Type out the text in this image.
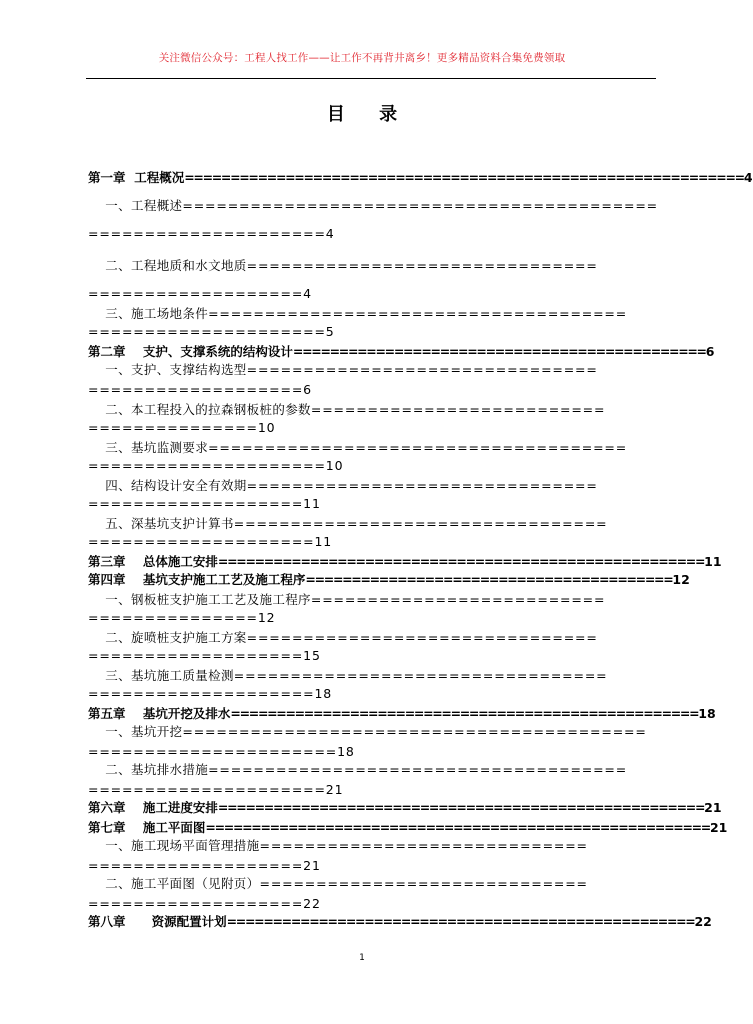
关注微信公众号：工程人找工作——让工作不再背井离乡！更多精品资料合集免费领取
目 录
第一章  工程概况=============================================================4
一、工程概述==========================================
=====================4
二、工程地质和水文地质===============================
===================4
三、施工场地条件=====================================
=====================5
第二章    支护、支撑系统的结构设计=============================================6
一、支护、支撑结构选型===============================
===================6
二、本工程投入的拉森钢板桩的参数==========================
===============10
三、基坑监测要求=====================================
=====================10
四、结构设计安全有效期===============================
===================11
五、深基坑支护计算书=================================
====================11
第三章    总体施工安排=====================================================11
第四章    基坑支护施工工艺及施工程序========================================12
一、钢板桩支护施工工艺及施工程序==========================
===============12
二、旋喷桩支护施工方案===============================
===================15
三、基坑施工质量检测=================================
====================18
第五章    基坑开挖及排水===================================================18
一、基坑开挖=========================================
======================18
二、基坑排水措施=====================================
=====================21
第六章    施工进度安排=====================================================21
第七章    施工平面图=======================================================21
一、施工现场平面管理措施=============================
===================21
二、施工平面图（见附页）=============================
===================22
第八章      资源配置计划===================================================22
1
